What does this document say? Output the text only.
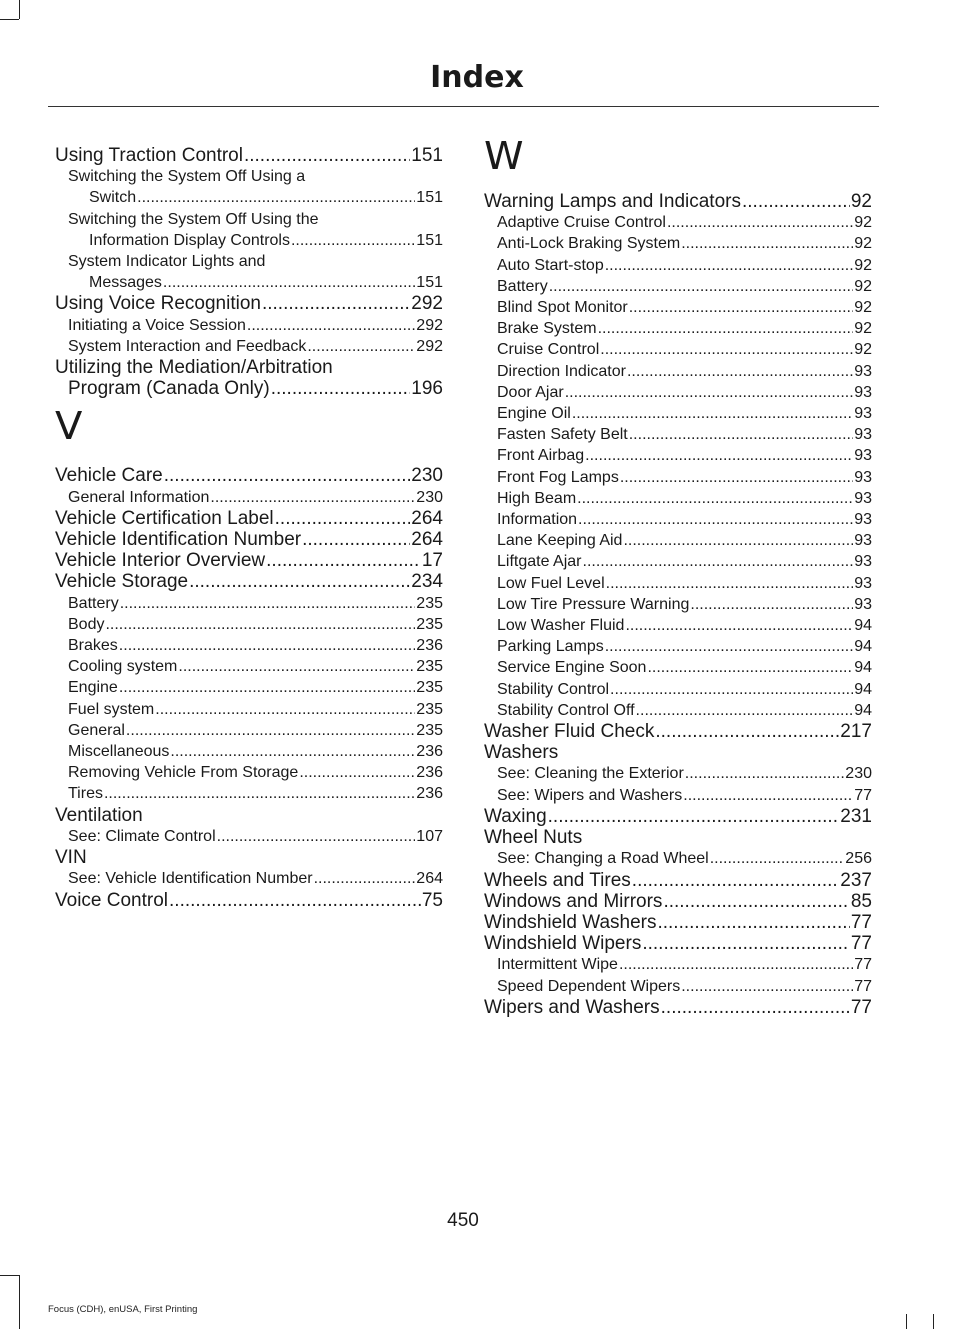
Index
Using Traction Control .....	151
Switching the System Off Using a
Switch .....	151
Switching the System Off Using the
Information Display Controls .....	151
System Indicator Lights and
Messages .....	151
Using Voice Recognition .....	292
Initiating a Voice Session .....	292
System Interaction and Feedback .....	292
Utilizing the Mediation/Arbitration
Program (Canada Only) .....	196
V
Vehicle Care .....	230
General Information .....	230
Vehicle Certification Label .....	264
Vehicle Identification Number .....	264
Vehicle Interior Overview .....	17
Vehicle Storage .....	234
Battery .....	235
Body .....	235
Brakes .....	236
Cooling system .....	235
Engine .....	235
Fuel system .....	235
General .....	235
Miscellaneous .....	236
Removing Vehicle From Storage .....	236
Tires .....	236
Ventilation
See: Climate Control .....	107
VIN
See: Vehicle Identification Number .....	264
Voice Control .....	75
W
Warning Lamps and Indicators .....	92
Adaptive Cruise Control .....	92
Anti-Lock Braking System .....	92
Auto Start-stop .....	92
Battery .....	92
Blind Spot Monitor .....	92
Brake System .....	92
Cruise Control .....	92
Direction Indicator .....	93
Door Ajar .....	93
Engine Oil .....	93
Fasten Safety Belt .....	93
Front Airbag .....	93
Front Fog Lamps .....	93
High Beam .....	93
Information .....	93
Lane Keeping Aid .....	93
Liftgate Ajar .....	93
Low Fuel Level .....	93
Low Tire Pressure Warning .....	93
Low Washer Fluid .....	94
Parking Lamps .....	94
Service Engine Soon .....	94
Stability Control .....	94
Stability Control Off .....	94
Washer Fluid Check .....	217
Washers
See: Cleaning the Exterior .....	230
See: Wipers and Washers .....	77
Waxing .....	231
Wheel Nuts
See: Changing a Road Wheel .....	256
Wheels and Tires .....	237
Windows and Mirrors .....	85
Windshield Washers .....	77
Windshield Wipers .....	77
Intermittent Wipe .....	77
Speed Dependent Wipers .....	77
Wipers and Washers .....	77
450
Focus (CDH), enUSA, First Printing
